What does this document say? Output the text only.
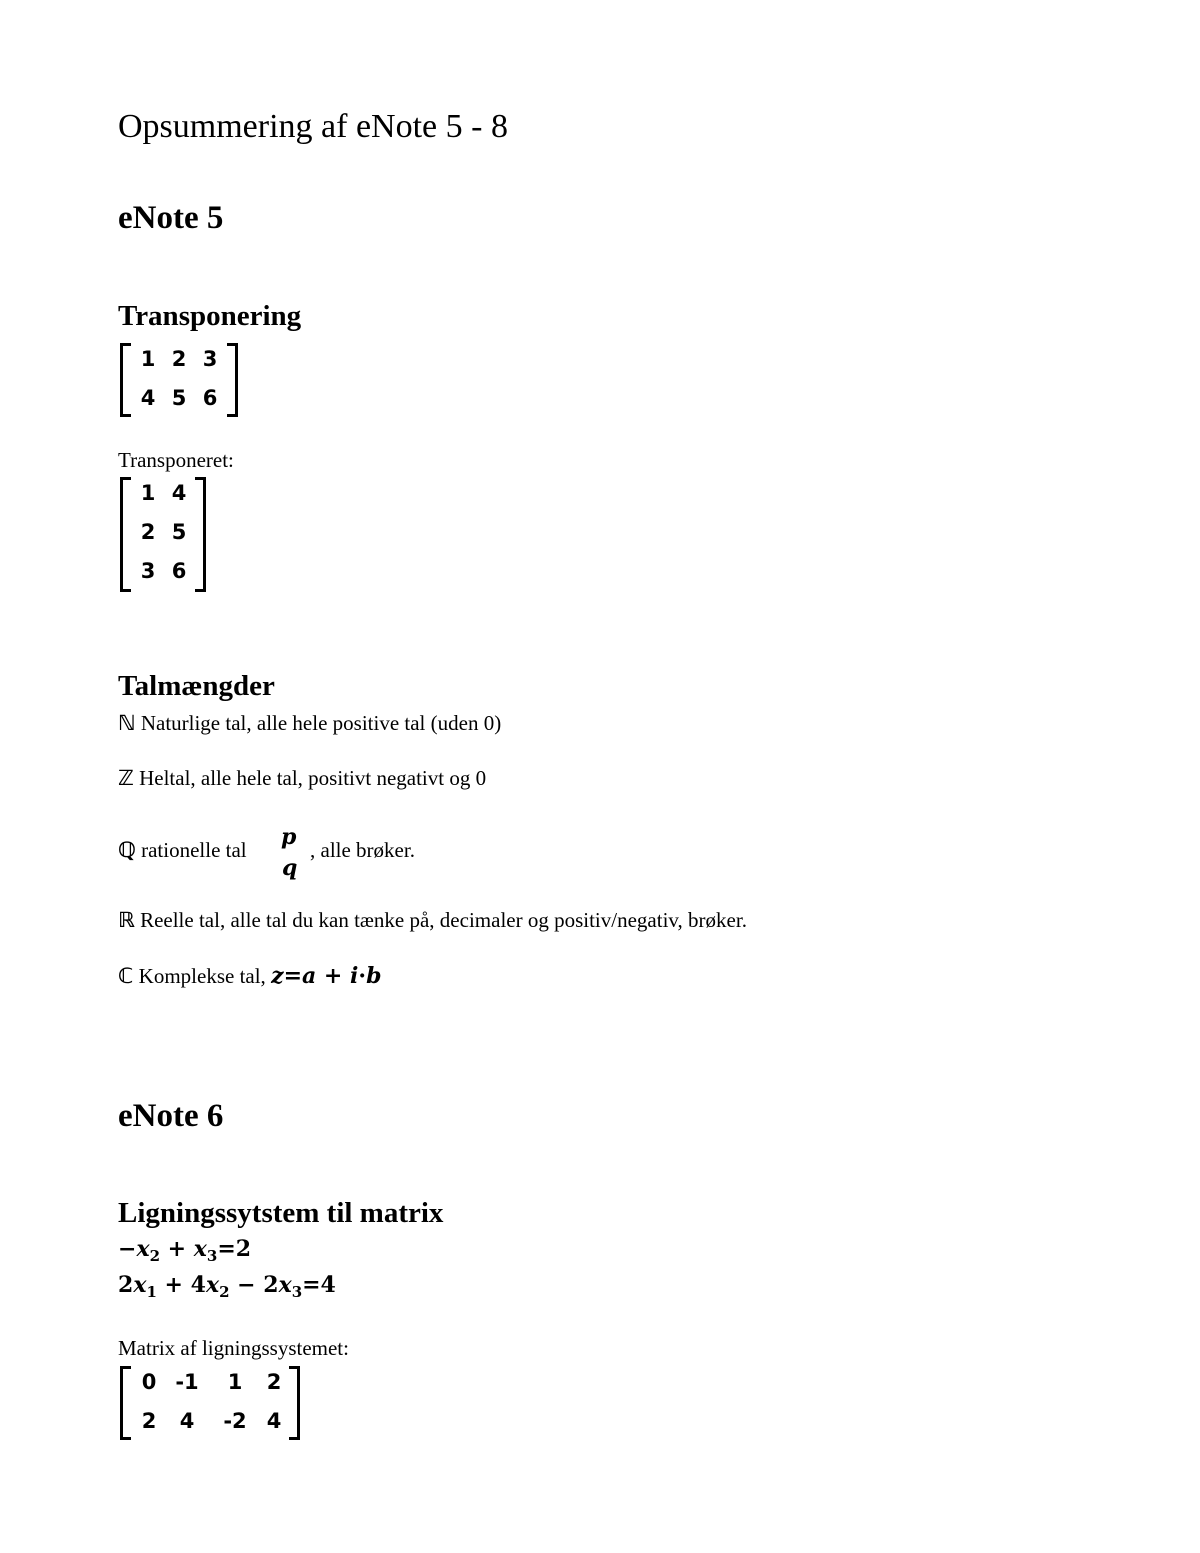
Opsummering af eNote 5 - 8
eNote 5
Transponering
1 2 3
4 5 6
Transponeret:
1 4
2 5
3 6
Talmængder
ℕ Naturlige tal, alle hele positive tal (uden 0)
ℤ Heltal, alle hele tal, positivt negativt og 0
ℚ rationelle tal p
q
, alle brøker.
ℝ Reelle tal, alle tal du kan tænke på, decimaler og positiv/negativ, brøker.
ℂ Komplekse tal, z=a + i·b
eNote 6
Ligningssytstem til matrix
$-x_2 + x_3=2$
$2x_1 + 4x_2 - 2x_3=4$
Matrix af ligningssystemet:
0 -1	1	2
2	4	-2 4
